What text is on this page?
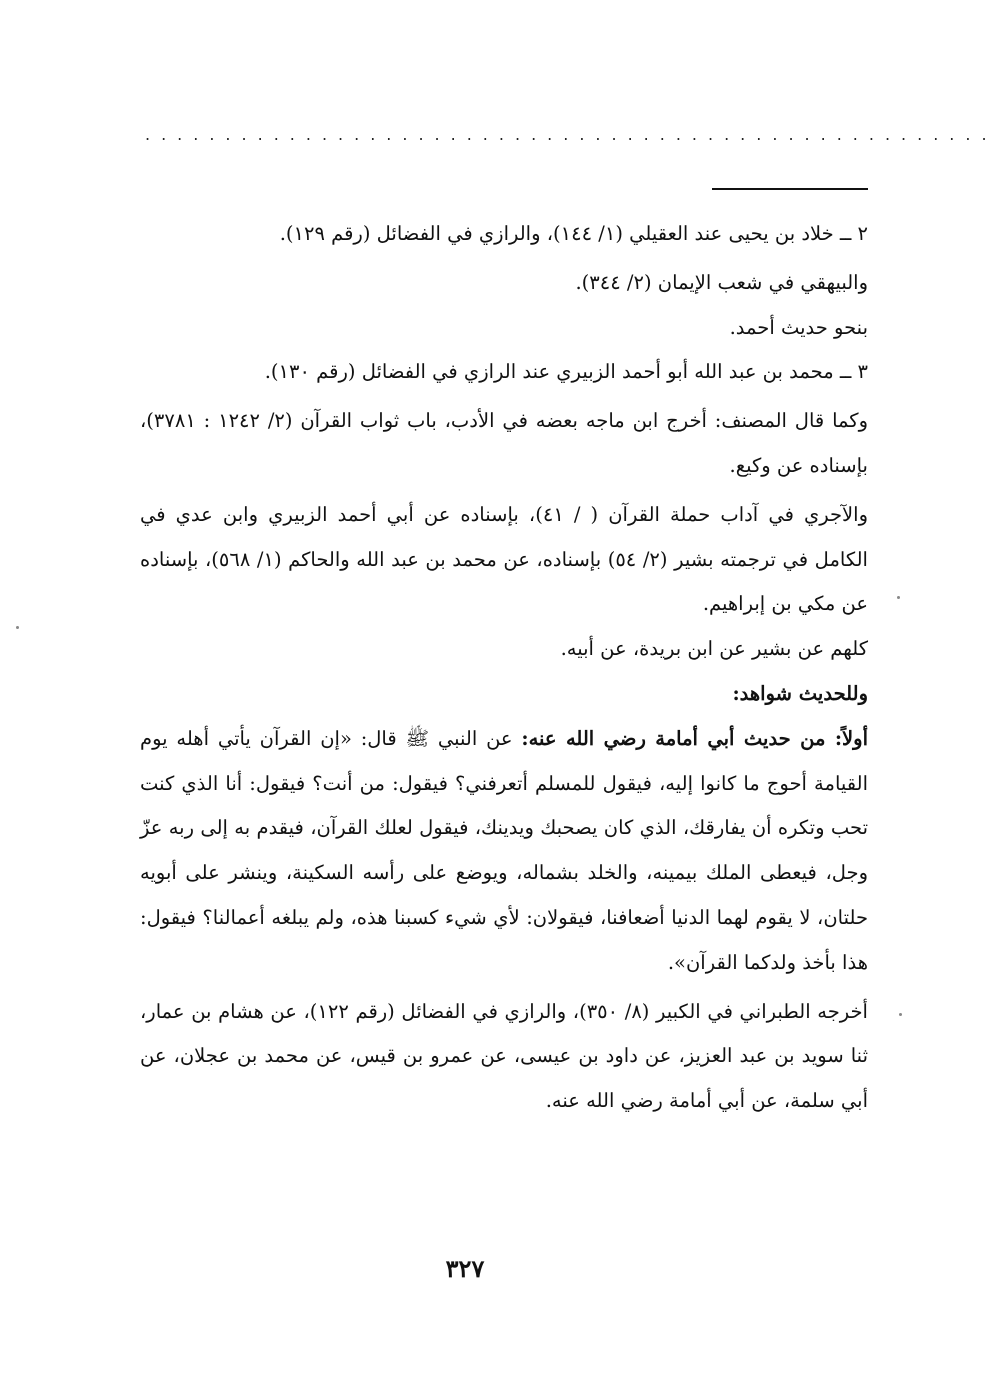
.....................................................

٢ ــ خلاد بن يحيى عند العقيلي (١/ ١٤٤)، والرازي في الفضائل (رقم ١٢٩).

والبيهقي في شعب الإيمان (٢/ ٣٤٤).

بنحو حديث أحمد.

٣ ــ محمد بن عبد الله أبو أحمد الزبيري عند الرازي في الفضائل (رقم ١٣٠).

وكما قال المصنف: أخرج ابن ماجه بعضه في الأدب، باب ثواب القرآن (٢/ ١٢٤٢ : ٣٧٨١)، بإسناده عن وكيع.

والآجري في آداب حملة القرآن ( / ٤١)، بإسناده عن أبي أحمد الزبيري وابن عدي في الكامل في ترجمته بشير (٢/ ٥٤) بإسناده، عن محمد بن عبد الله والحاكم (١/ ٥٦٨)، بإسناده عن مكي بن إبراهيم.

كلهم عن بشير عن ابن بريدة، عن أبيه.

وللحديث شواهد:

أولاً: من حديث أبي أمامة رضي الله عنه: عن النبي ﷺ قال: «إن القرآن يأتي أهله يوم القيامة أحوج ما كانوا إليه، فيقول للمسلم أتعرفني؟ فيقول: من أنت؟ فيقول: أنا الذي كنت تحب وتكره أن يفارقك، الذي كان يصحبك ويدينك، فيقول لعلك القرآن، فيقدم به إلى ربه عزّ وجل، فيعطى الملك بيمينه، والخلد بشماله، ويوضع على رأسه السكينة، وينشر على أبويه حلتان، لا يقوم لهما الدنيا أضعافنا، فيقولان: لأي شيء كسبنا هذه، ولم يبلغه أعمالنا؟ فيقول: هذا بأخذ ولدكما القرآن».

أخرجه الطبراني في الكبير (٨/ ٣٥٠)، والرازي في الفضائل (رقم ١٢٢)، عن هشام بن عمار، ثنا سويد بن عبد العزيز، عن داود بن عيسى، عن عمرو بن قيس، عن محمد بن عجلان، عن أبي سلمة، عن أبي أمامة رضي الله عنه.

٣٢٧
